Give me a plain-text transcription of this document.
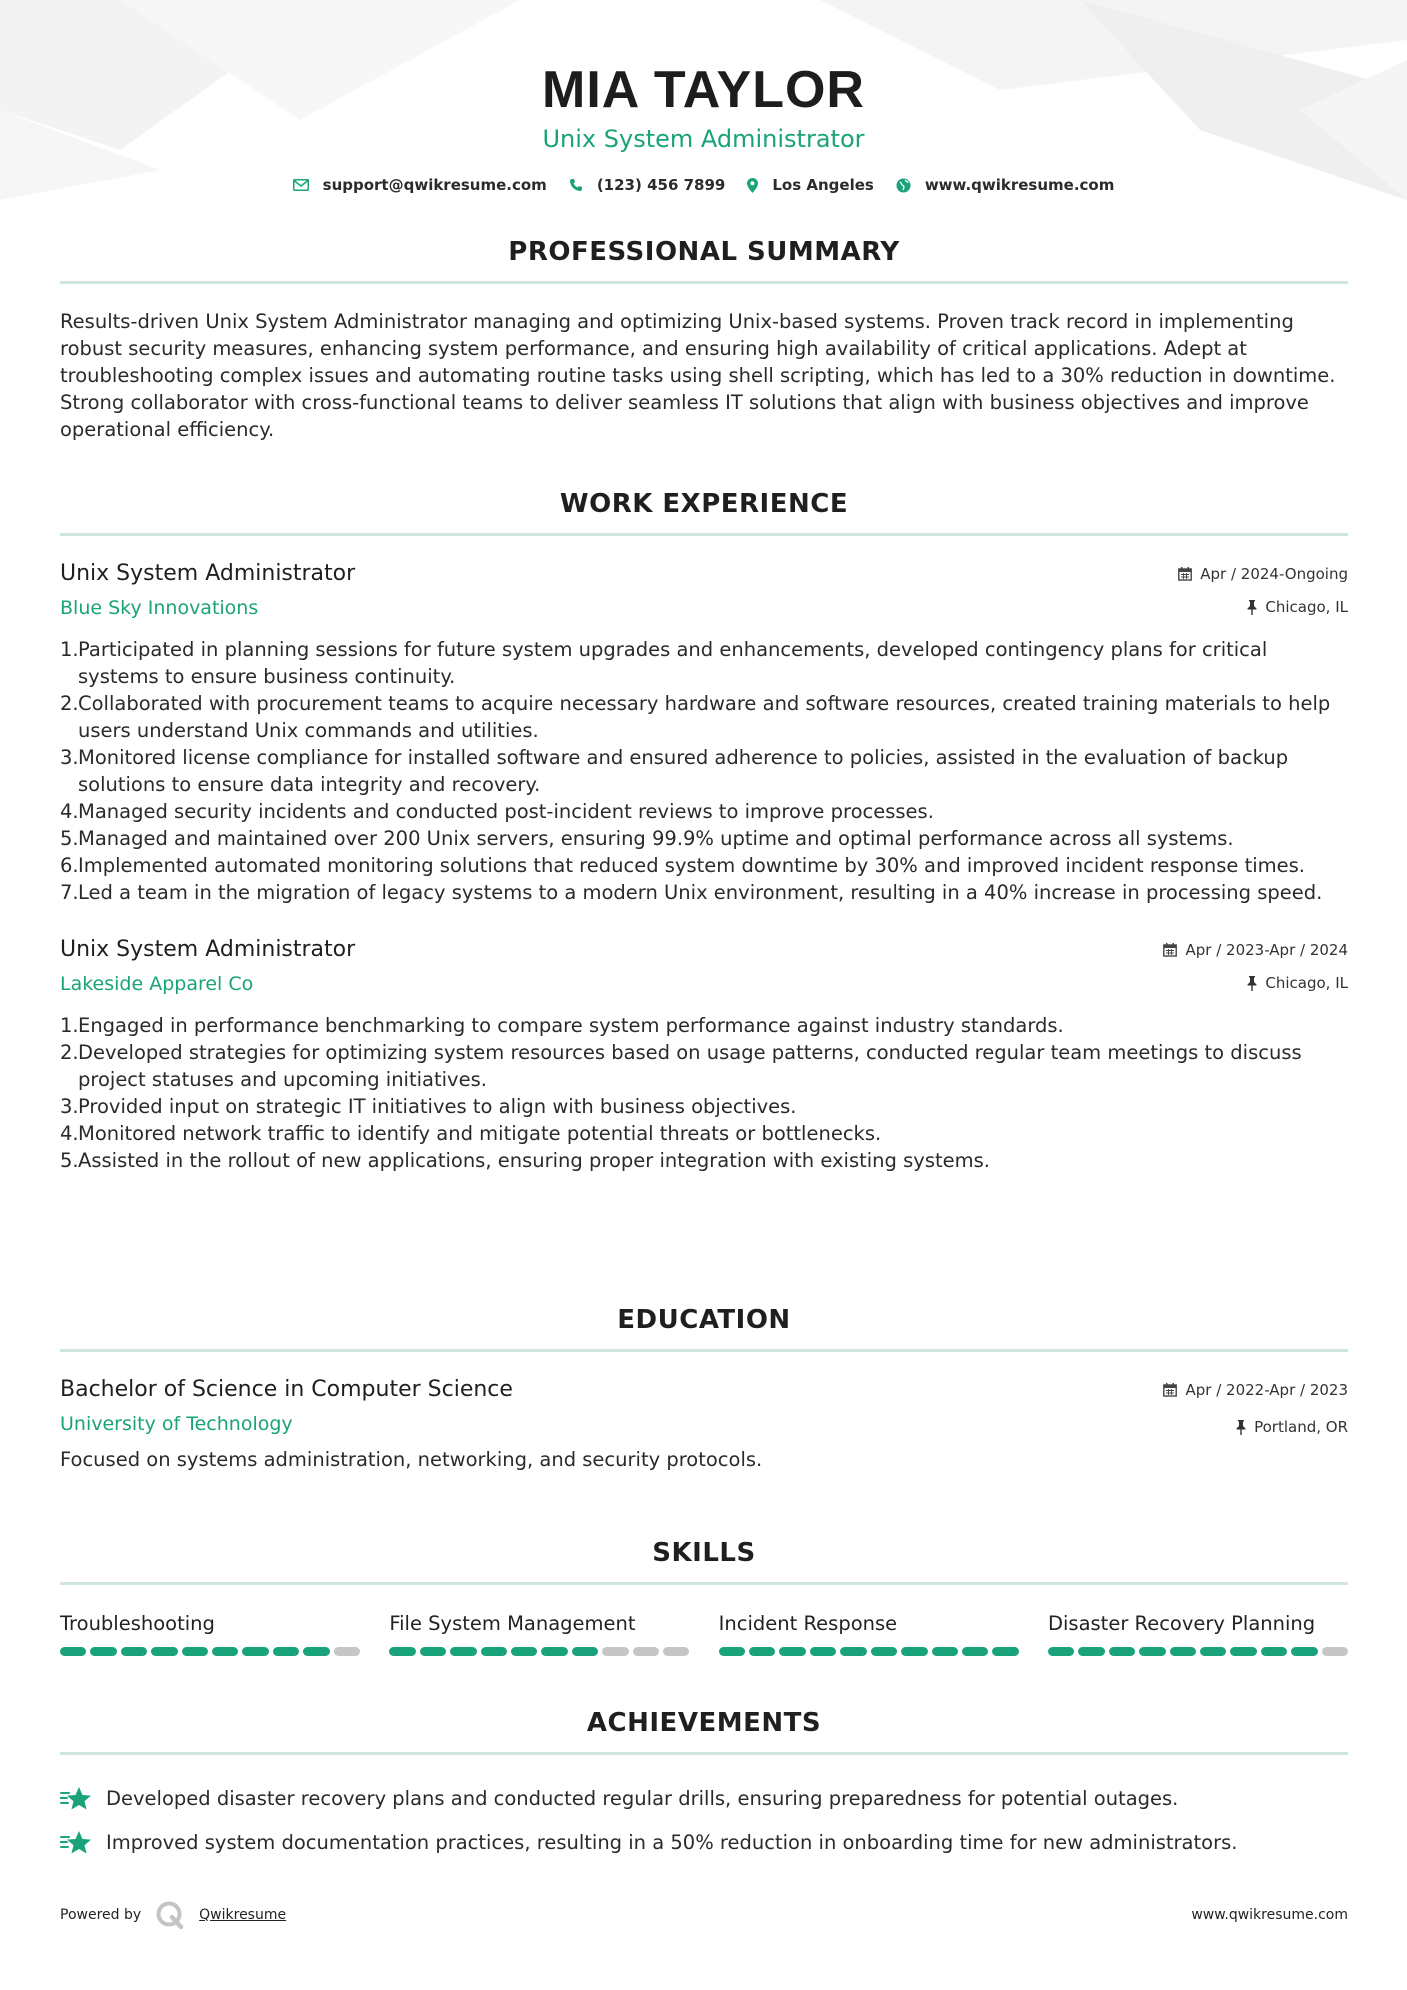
MIA TAYLOR
Unix System Administrator
support@qwikresume.com	(123) 456 7899	Los Angeles	www.qwikresume.com
PROFESSIONAL SUMMARY

Results-driven Unix System Administrator managing and optimizing Unix-based systems. Proven track record in implementing robust security measures, enhancing system performance, and ensuring high availability of critical applications. Adept at troubleshooting complex issues and automating routine tasks using shell scripting, which has led to a 30% reduction in downtime. Strong collaborator with cross-functional teams to deliver seamless IT solutions that align with business objectives and improve operational efficiency.

WORK EXPERIENCE
Unix System Administrator
Blue Sky Innovations
Apr / 2024-Ongoing
Chicago, IL
Participated in planning sessions for future system upgrades and enhancements, developed contingency plans for critical systems to ensure business continuity.
Collaborated with procurement teams to acquire necessary hardware and software resources, created training materials to help users understand Unix commands and utilities.
Monitored license compliance for installed software and ensured adherence to policies, assisted in the evaluation of backup solutions to ensure data integrity and recovery.
Managed security incidents and conducted post-incident reviews to improve processes.
Managed and maintained over 200 Unix servers, ensuring 99.9% uptime and optimal performance across all systems.
Implemented automated monitoring solutions that reduced system downtime by 30% and improved incident response times.
Led a team in the migration of legacy systems to a modern Unix environment, resulting in a 40% increase in processing speed.
Unix System Administrator
Lakeside Apparel Co
Apr / 2023-Apr / 2024
Chicago, IL
Engaged in performance benchmarking to compare system performance against industry standards.
Developed strategies for optimizing system resources based on usage patterns, conducted regular team meetings to discuss project statuses and upcoming initiatives.
Provided input on strategic IT initiatives to align with business objectives.
Monitored network traffic to identify and mitigate potential threats or bottlenecks.
Assisted in the rollout of new applications, ensuring proper integration with existing systems.
EDUCATION
Bachelor of Science in Computer Science
University of Technology
Apr / 2022-Apr / 2023
Portland, OR

Focused on systems administration, networking, and security protocols.

SKILLS
Troubleshooting	File System Management	Incident Response	Disaster Recovery Planning
ACHIEVEMENTS
Developed disaster recovery plans and conducted regular drills, ensuring preparedness for potential outages.
Improved system documentation practices, resulting in a 50% reduction in onboarding time for new administrators.
Powered by	Qwikresume	www.qwikresume.com
